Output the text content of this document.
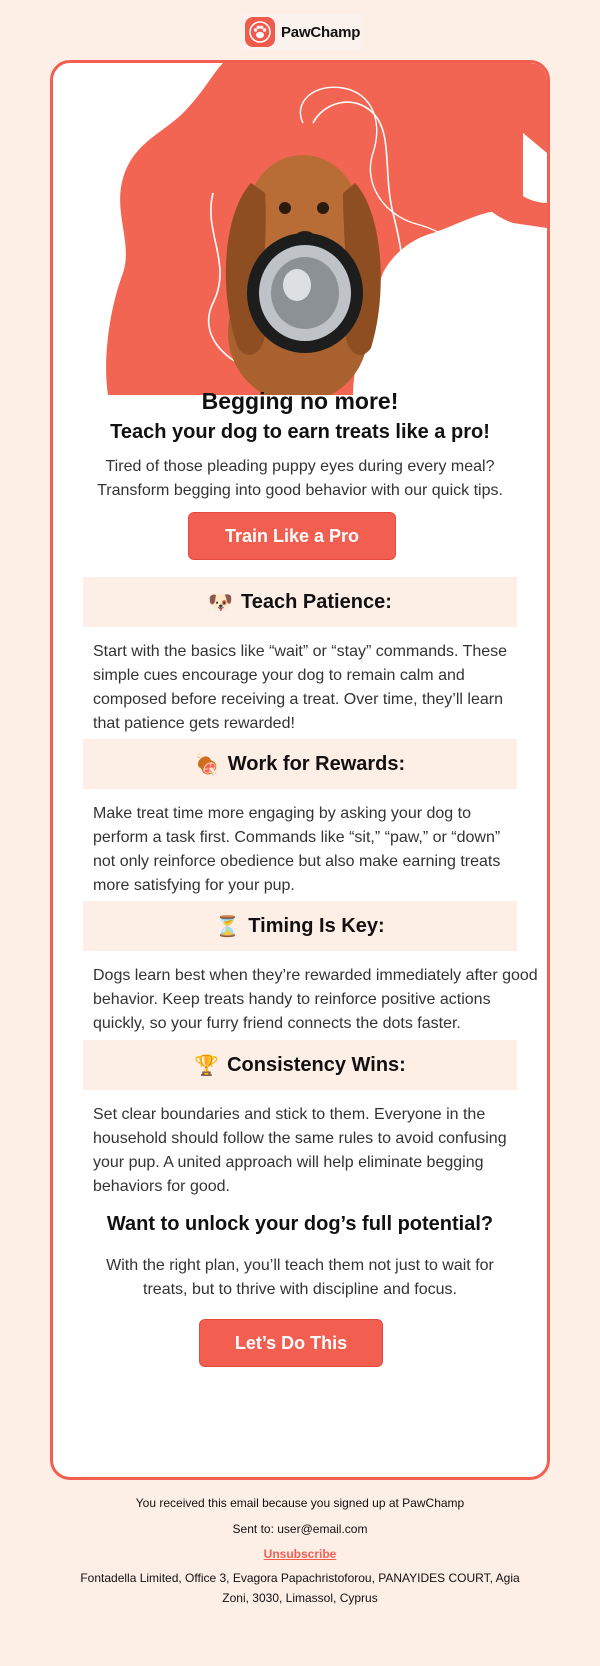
PawChamp
Begging no more!
Teach your dog to earn treats like a pro!
Tired of those pleading puppy eyes during every meal? Transform begging into good behavior with our quick tips.
Train Like a Pro
🐶 Teach Patience:
Start with the basics like “wait” or “stay” commands. These simple cues encourage your dog to remain calm and composed before receiving a treat. Over time, they’ll learn that patience gets rewarded!
🍖 Work for Rewards:
Make treat time more engaging by asking your dog to perform a task first. Commands like “sit,” “paw,” or “down” not only reinforce obedience but also make earning treats more satisfying for your pup.
⏳ Timing Is Key:
Dogs learn best when they’re rewarded immediately after good behavior. Keep treats handy to reinforce positive actions quickly, so your furry friend connects the dots faster.
🏆 Consistency Wins:
Set clear boundaries and stick to them. Everyone in the household should follow the same rules to avoid confusing your pup. A united approach will help eliminate begging behaviors for good.
Want to unlock your dog’s full potential?
With the right plan, you’ll teach them not just to wait for treats, but to thrive with discipline and focus.
Let’s Do This
You received this email because you signed up at PawChamp
Sent to: user@email.com
Unsubscribe
Fontadella Limited, Office 3, Evagora Papachristoforou, PANAYIDES COURT, Agia Zoni, 3030, Limassol, Cyprus
